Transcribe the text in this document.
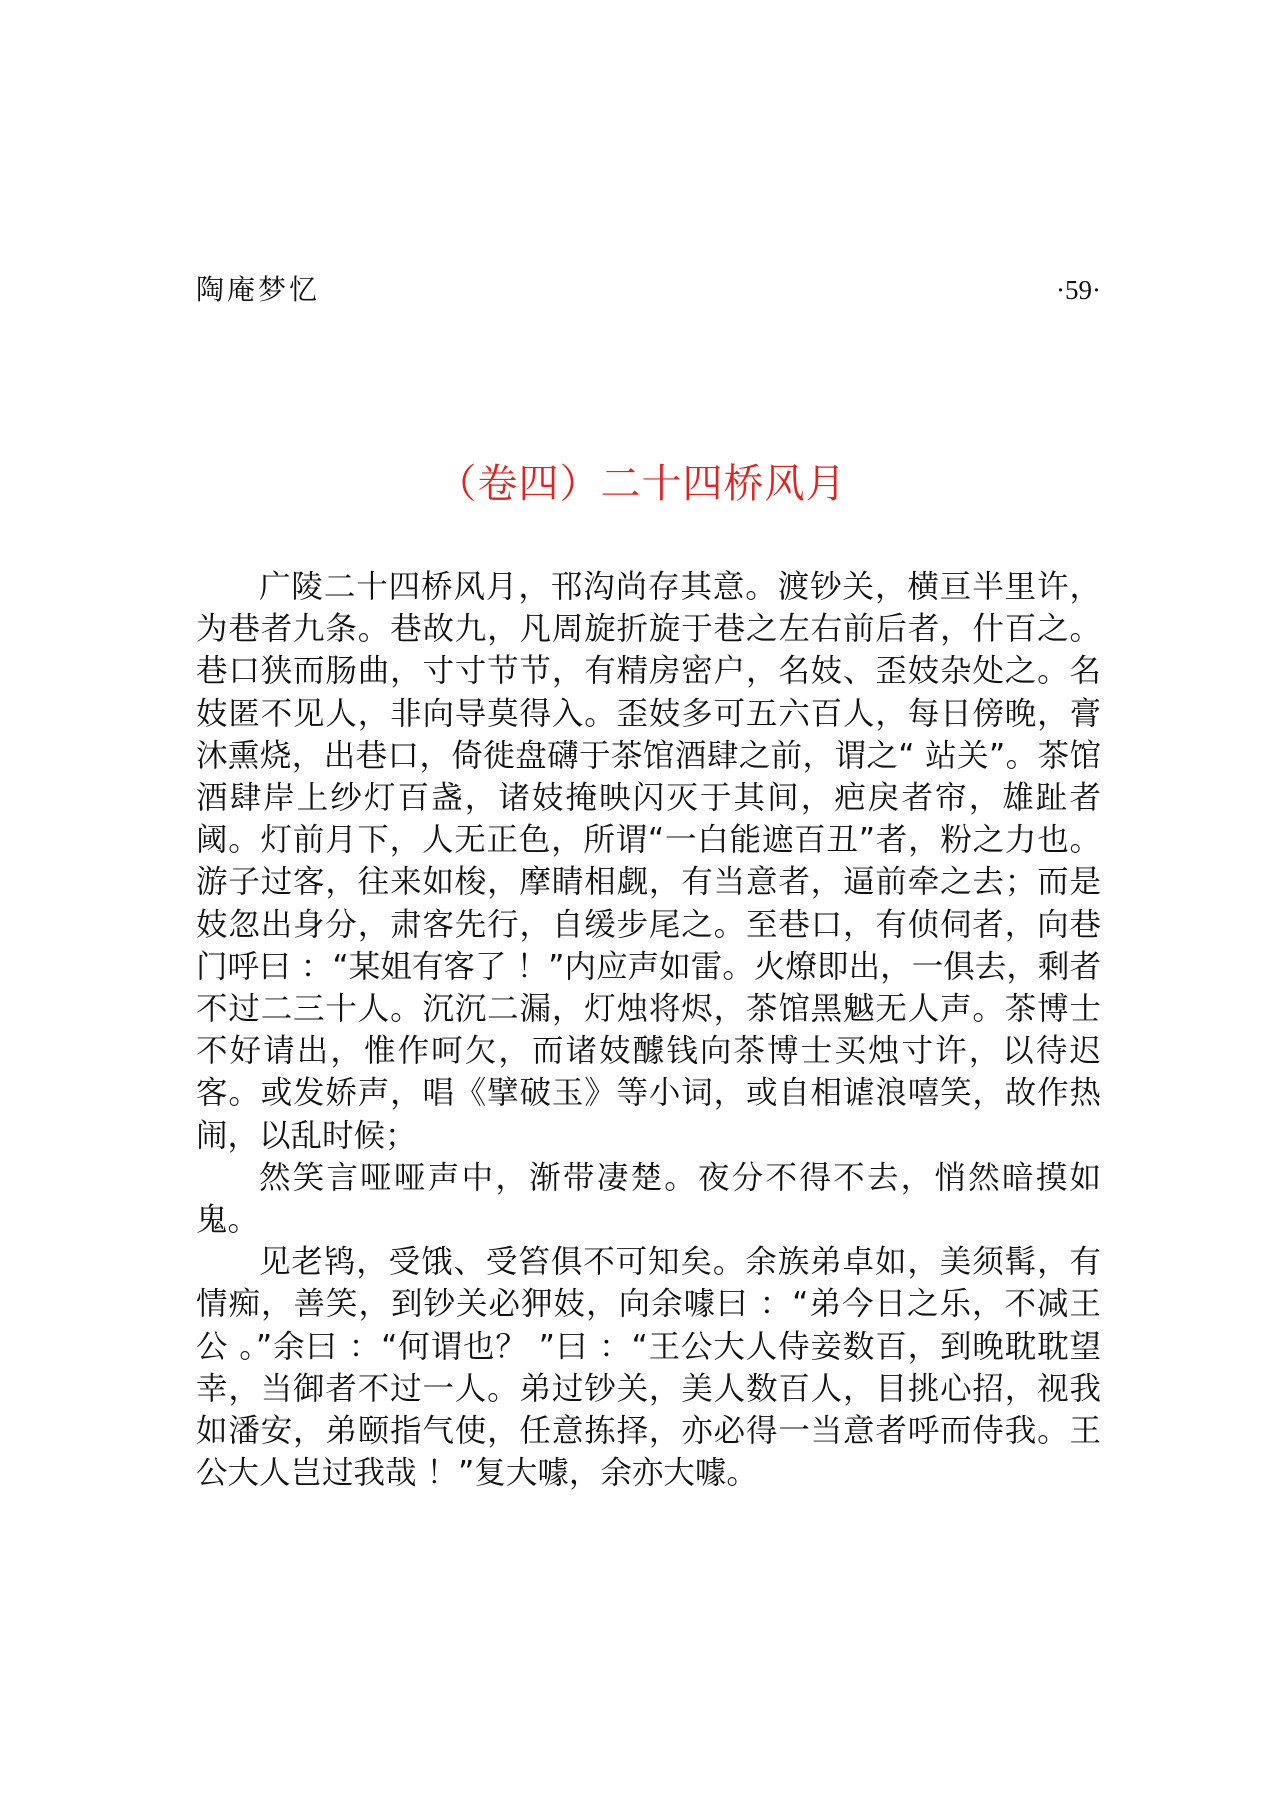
陶庵梦忆	·59·
（卷四）二十四桥风月

广陵二十四桥风月，邗沟尚存其意。渡钞关，横亘半里许，为巷者九条。巷故九，凡周旋折旋于巷之左右前后者，什百之。巷口狭而肠曲，寸寸节节，有精房密户，名妓、歪妓杂处之。名妓匿不见人，非向导莫得入。歪妓多可五六百人，每日傍晚，膏沐熏烧，出巷口，倚徙盘礴于茶馆酒肆之前，谓之“ 站关”。茶馆酒肆岸上纱灯百盏，诸妓掩映闪灭于其间，疤戾者帘，雄趾者阈。灯前月下，人无正色，所谓“一白能遮百丑”者，粉之力也。游子过客，往来如梭，摩睛相觑，有当意者，逼前牵之去；而是妓忽出身分，肃客先行，自缓步尾之。至巷口，有侦伺者，向巷门呼曰 ：“某姐有客了 ！”内应声如雷。火燎即出，一俱去，剩者不过二三十人。沉沉二漏，灯烛将烬，茶馆黑魆无人声。茶博士不好请出，惟作呵欠，而诸妓醵钱向茶博士买烛寸许，以待迟客。或发娇声，唱《擘破玉》等小词，或自相谑浪嘻笑，故作热闹，以乱时候；

然笑言哑哑声中，渐带凄楚。夜分不得不去，悄然暗摸如鬼。

见老鸨，受饿、受笞俱不可知矣。余族弟卓如，美须髯，有情痴，善笑，到钞关必狎妓，向余噱曰 ：“弟今日之乐，不减王公 。”余曰 ：“何谓也？ ”曰 ：“王公大人侍妾数百，到晚耽耽望幸，当御者不过一人。弟过钞关，美人数百人，目挑心招，视我如潘安，弟颐指气使，任意拣择，亦必得一当意者呼而侍我。王公大人岂过我哉 ！”复大噱，余亦大噱。
